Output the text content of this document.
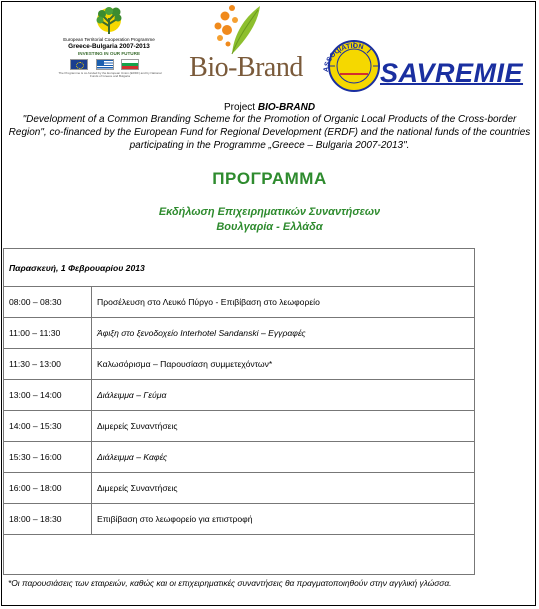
European Territorial Cooperation Programme
Greece-Bulgaria 2007-2013
INVESTING IN OUR FUTURE
The Programme is co-funded by the European Union (ERDF) and by National Funds of Greece and Bulgaria	Bio-Brand	ASSOCIATION
SAVREMIE
Project BIO-BRAND
"Development of a Common Branding Scheme for the Promotion of Organic Local Products of the Cross-border Region", co-financed by the European Fund for Regional Development (ERDF) and the national funds of the countries participating in the Programme „Greece – Bulgaria 2007-2013".
ΠΡΟΓΡΑΜΜΑ
Εκδήλωση Επιχειρηματικών Συναντήσεων
Βουλγαρία - Ελλάδα
Παρασκευή, 1 Φεβρουαρίου 2013	
08:00 – 08:30	Προσέλευση στο Λευκό Πύργο - Επιβίβαση στο λεωφορείο
11:00 – 11:30	Άφιξη στο ξενοδοχείο Interhotel Sandanski – Εγγραφές
11:30 – 13:00	Καλωσόρισμα – Παρουσίαση συμμετεχόντων*
13:00 – 14:00	Διάλειμμα – Γεύμα
14:00 – 15:30	Διμερείς Συναντήσεις
15:30 – 16:00	Διάλειμμα – Καφές
16:00 – 18:00	Διμερείς Συναντήσεις
18:00 – 18:30	Επιβίβαση στο λεωφορείο για επιστροφή

*Οι παρουσιάσεις των εταιρειών, καθώς και οι επιχειρηματικές συναντήσεις θα πραγματοποιηθούν στην αγγλική γλώσσα.
